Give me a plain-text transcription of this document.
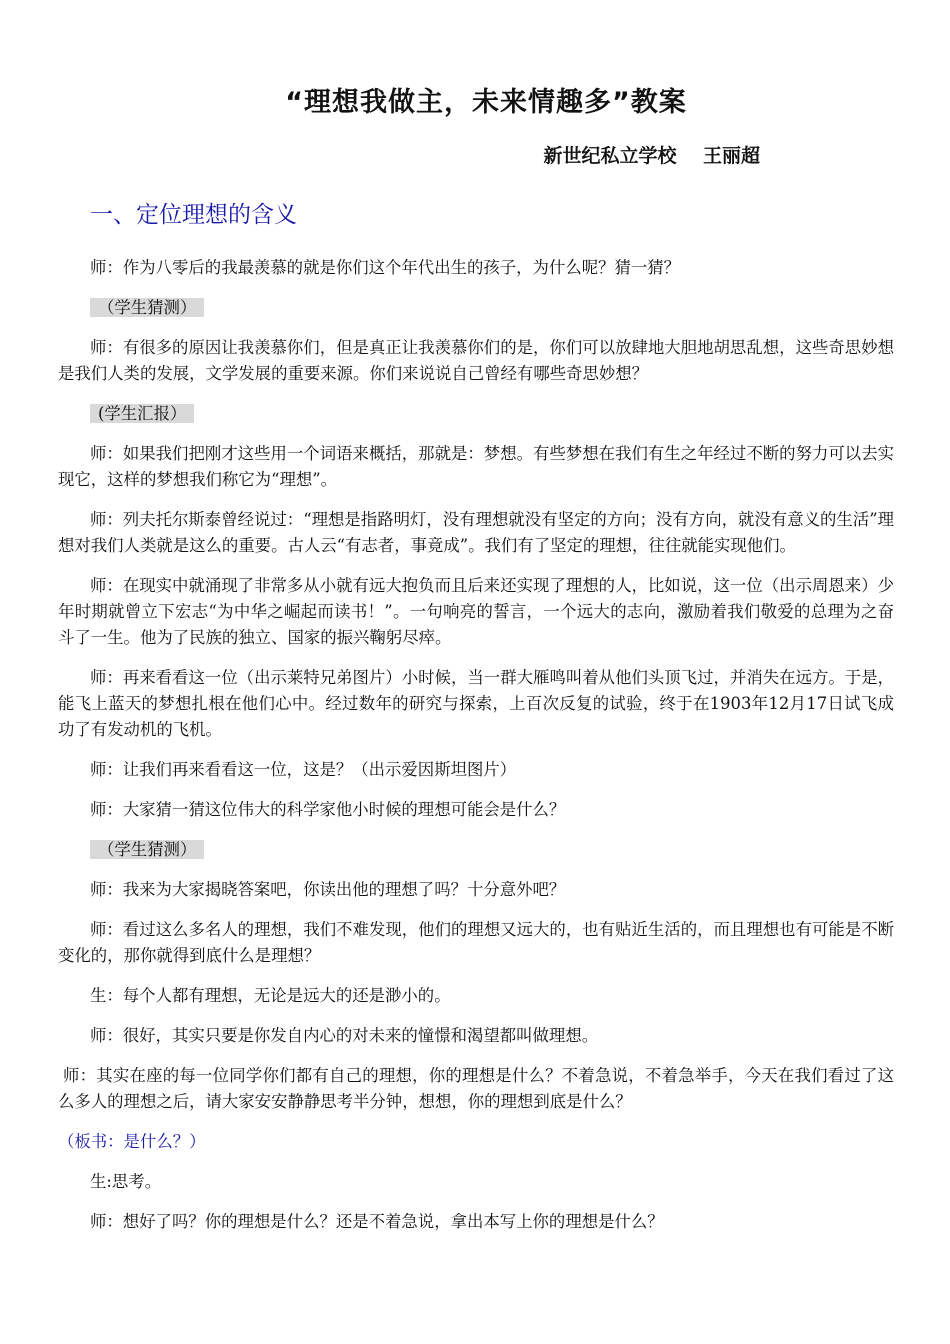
“理想我做主，未来情趣多”教案
新世纪私立学校    王丽超
一、定位理想的含义

师：作为八零后的我最羡慕的就是你们这个年代出生的孩子，为什么呢？猜一猜？

（学生猜测）

师：有很多的原因让我羡慕你们，但是真正让我羡慕你们的是，你们可以放肆地大胆地胡思乱想，这些奇思妙想是我们人类的发展，文学发展的重要来源。你们来说说自己曾经有哪些奇思妙想？

(学生汇报）

师：如果我们把刚才这些用一个词语来概括，那就是：梦想。有些梦想在我们有生之年经过不断的努力可以去实现它，这样的梦想我们称它为“理想”。

师：列夫托尔斯泰曾经说过：“理想是指路明灯，没有理想就没有坚定的方向；没有方向，就没有意义的生活”理想对我们人类就是这么的重要。古人云“有志者，事竟成”。我们有了坚定的理想，往往就能实现他们。

师：在现实中就涌现了非常多从小就有远大抱负而且后来还实现了理想的人，比如说，这一位（出示周恩来）少年时期就曾立下宏志“为中华之崛起而读书！”。一句响亮的誓言，一个远大的志向，激励着我们敬爱的总理为之奋斗了一生。他为了民族的独立、国家的振兴鞠躬尽瘁。

师：再来看看这一位（出示莱特兄弟图片）小时候，当一群大雁鸣叫着从他们头顶飞过，并消失在远方。于是，能飞上蓝天的梦想扎根在他们心中。经过数年的研究与探索，上百次反复的试验，终于在1903年12月17日试飞成功了有发动机的飞机。

师：让我们再来看看这一位，这是？（出示爱因斯坦图片）

师：大家猜一猜这位伟大的科学家他小时候的理想可能会是什么？

（学生猜测）

师：我来为大家揭晓答案吧，你读出他的理想了吗？十分意外吧？

师：看过这么多名人的理想，我们不难发现，他们的理想又远大的，也有贴近生活的，而且理想也有可能是不断变化的，那你就得到底什么是理想？

生：每个人都有理想，无论是远大的还是渺小的。

师：很好，其实只要是你发自内心的对未来的憧憬和渴望都叫做理想。

师：其实在座的每一位同学你们都有自己的理想，你的理想是什么？不着急说，不着急举手，今天在我们看过了这么多人的理想之后，请大家安安静静思考半分钟，想想，你的理想到底是什么？

（板书：是什么？）

生:思考。

师：想好了吗？你的理想是什么？还是不着急说，拿出本写上你的理想是什么？
